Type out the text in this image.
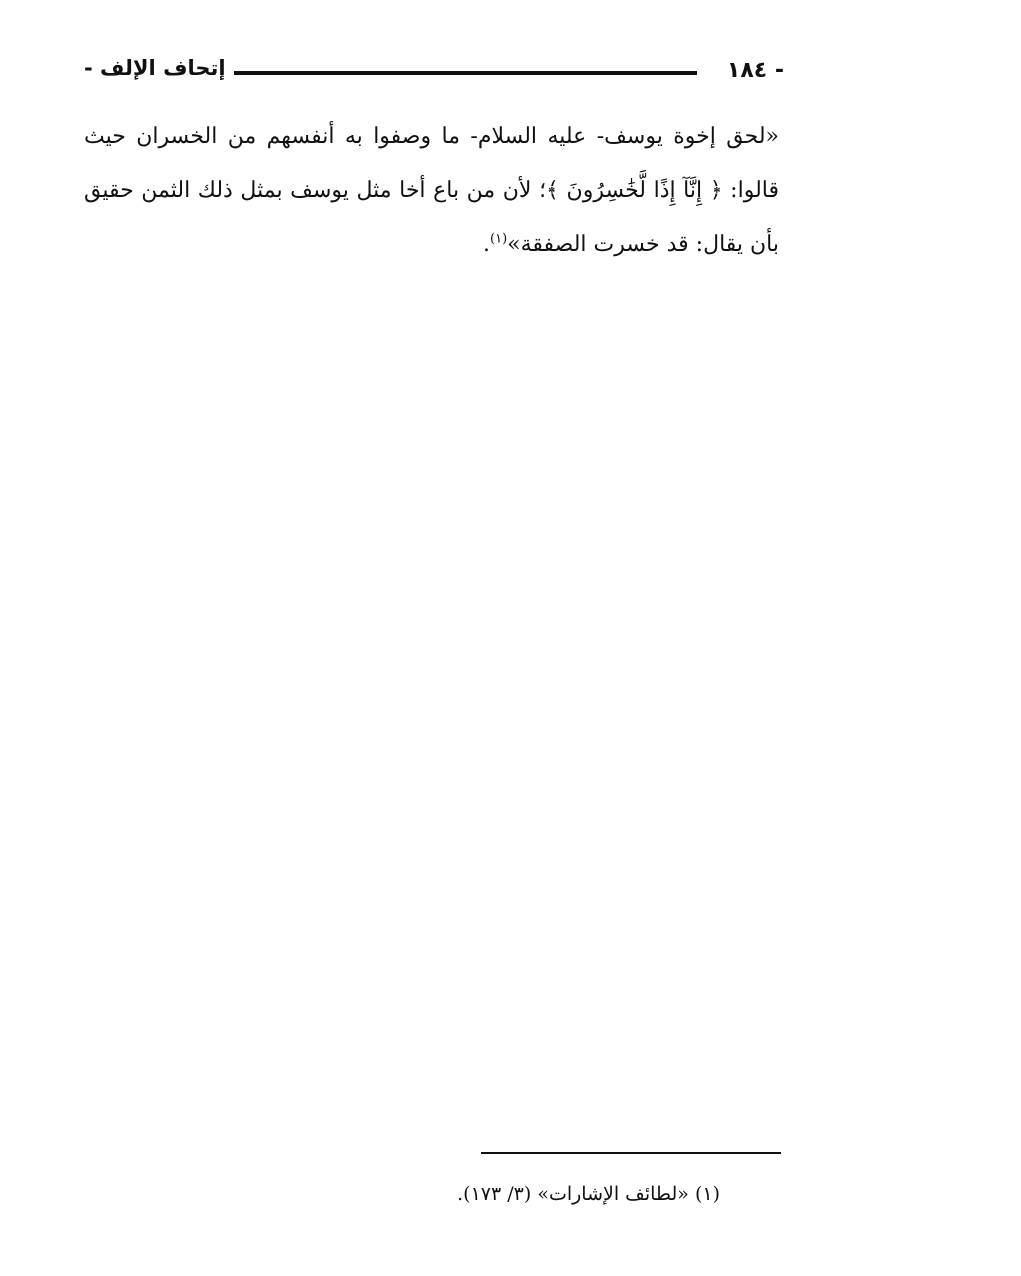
- ١٨٤
إتحاف الإلف -

«لحق إخوة يوسف- عليه السلام- ما وصفوا به أنفسهم من الخسران حيث قالوا: ﴿ إِنَّآ إِذًا لَّخَٰسِرُونَ ﴾؛ لأن من باع أخا مثل يوسف بمثل ذلك الثمن حقيق بأن يقال: قد خسرت الصفقة»$^{(١)}$.

(١) «لطائف الإشارات» (٣/ ١٧٣).
